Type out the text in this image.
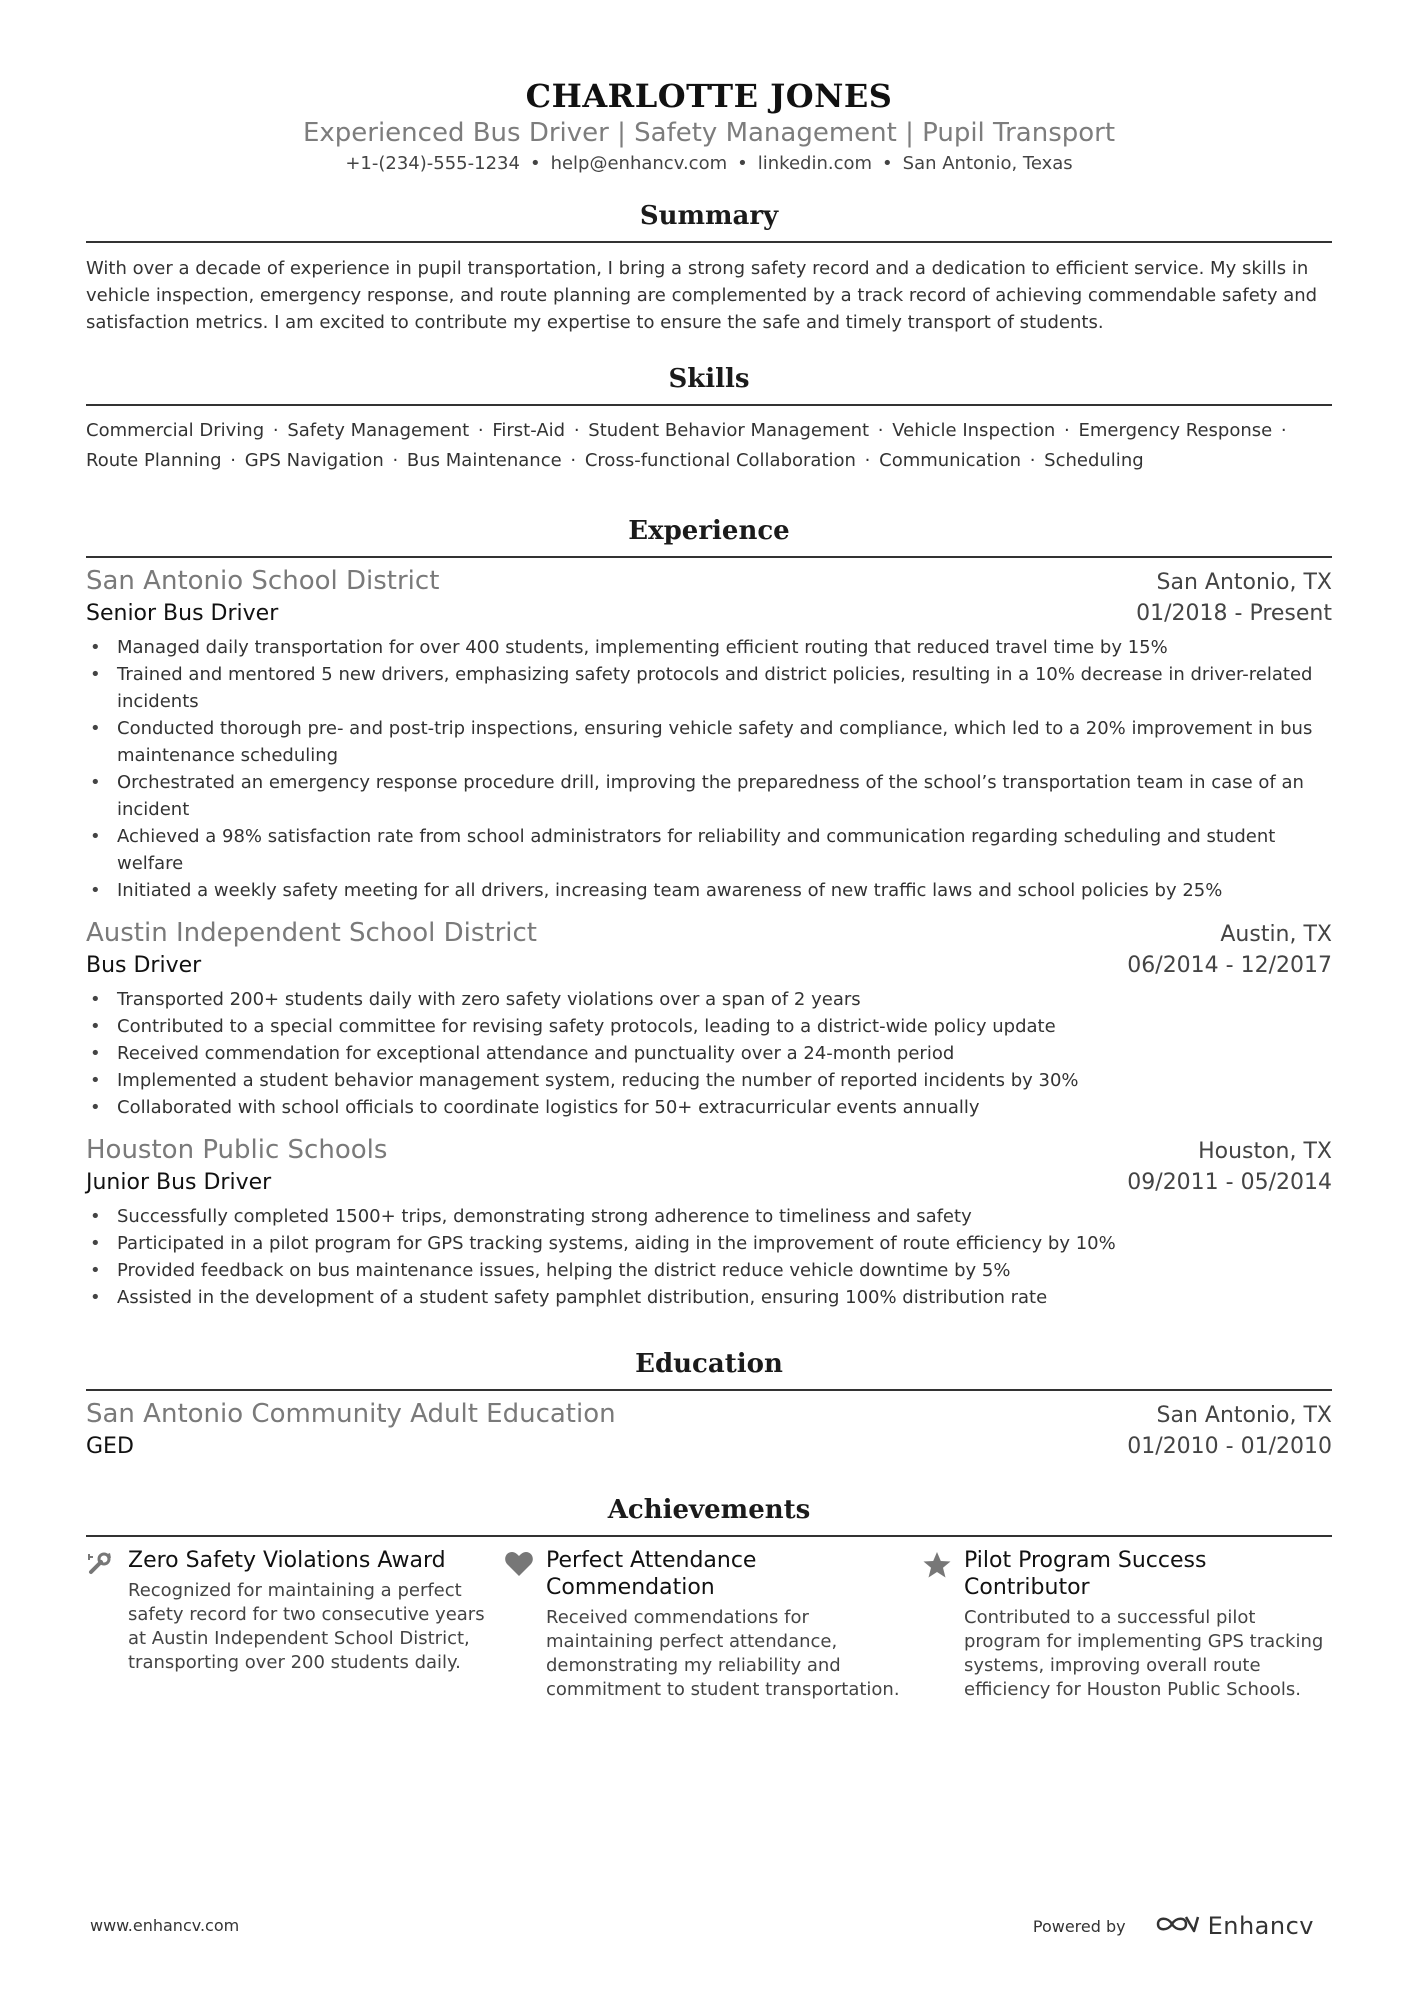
CHARLOTTE JONES
Experienced Bus Driver | Safety Management | Pupil Transport
+1-(234)-555-1234 • help@enhancv.com • linkedin.com • San Antonio, Texas
Summary
With over a decade of experience in pupil transportation, I bring a strong safety record and a dedication to efficient service. My skills in vehicle inspection, emergency response, and route planning are complemented by a track record of achieving commendable safety and satisfaction metrics. I am excited to contribute my expertise to ensure the safe and timely transport of students.
Skills
Commercial Driving · Safety Management · First-Aid · Student Behavior Management · Vehicle Inspection · Emergency Response ·
Route Planning · GPS Navigation · Bus Maintenance · Cross-functional Collaboration · Communication · Scheduling
Experience
San Antonio School District	San Antonio, TX
Senior Bus Driver	01/2018 - Present
• Managed daily transportation for over 400 students, implementing efficient routing that reduced travel time by 15%
• Trained and mentored 5 new drivers, emphasizing safety protocols and district policies, resulting in a 10% decrease in driver-related incidents
• Conducted thorough pre- and post-trip inspections, ensuring vehicle safety and compliance, which led to a 20% improvement in bus maintenance scheduling
• Orchestrated an emergency response procedure drill, improving the preparedness of the school’s transportation team in case of an incident
• Achieved a 98% satisfaction rate from school administrators for reliability and communication regarding scheduling and student welfare
• Initiated a weekly safety meeting for all drivers, increasing team awareness of new traffic laws and school policies by 25%
Austin Independent School District	Austin, TX
Bus Driver	06/2014 - 12/2017
• Transported 200+ students daily with zero safety violations over a span of 2 years
• Contributed to a special committee for revising safety protocols, leading to a district-wide policy update
• Received commendation for exceptional attendance and punctuality over a 24-month period
• Implemented a student behavior management system, reducing the number of reported incidents by 30%
• Collaborated with school officials to coordinate logistics for 50+ extracurricular events annually
Houston Public Schools	Houston, TX
Junior Bus Driver	09/2011 - 05/2014
• Successfully completed 1500+ trips, demonstrating strong adherence to timeliness and safety
• Participated in a pilot program for GPS tracking systems, aiding in the improvement of route efficiency by 10%
• Provided feedback on bus maintenance issues, helping the district reduce vehicle downtime by 5%
• Assisted in the development of a student safety pamphlet distribution, ensuring 100% distribution rate
Education
San Antonio Community Adult Education	San Antonio, TX
GED	01/2010 - 01/2010
Achievements
Zero Safety Violations Award
Recognized for maintaining a perfect safety record for two consecutive years at Austin Independent School District, transporting over 200 students daily.
Perfect Attendance Commendation
Received commendations for maintaining perfect attendance, demonstrating my reliability and commitment to student transportation.
Pilot Program Success Contributor
Contributed to a successful pilot program for implementing GPS tracking systems, improving overall route efficiency for Houston Public Schools.
www.enhancv.com	Powered by	Enhancv
